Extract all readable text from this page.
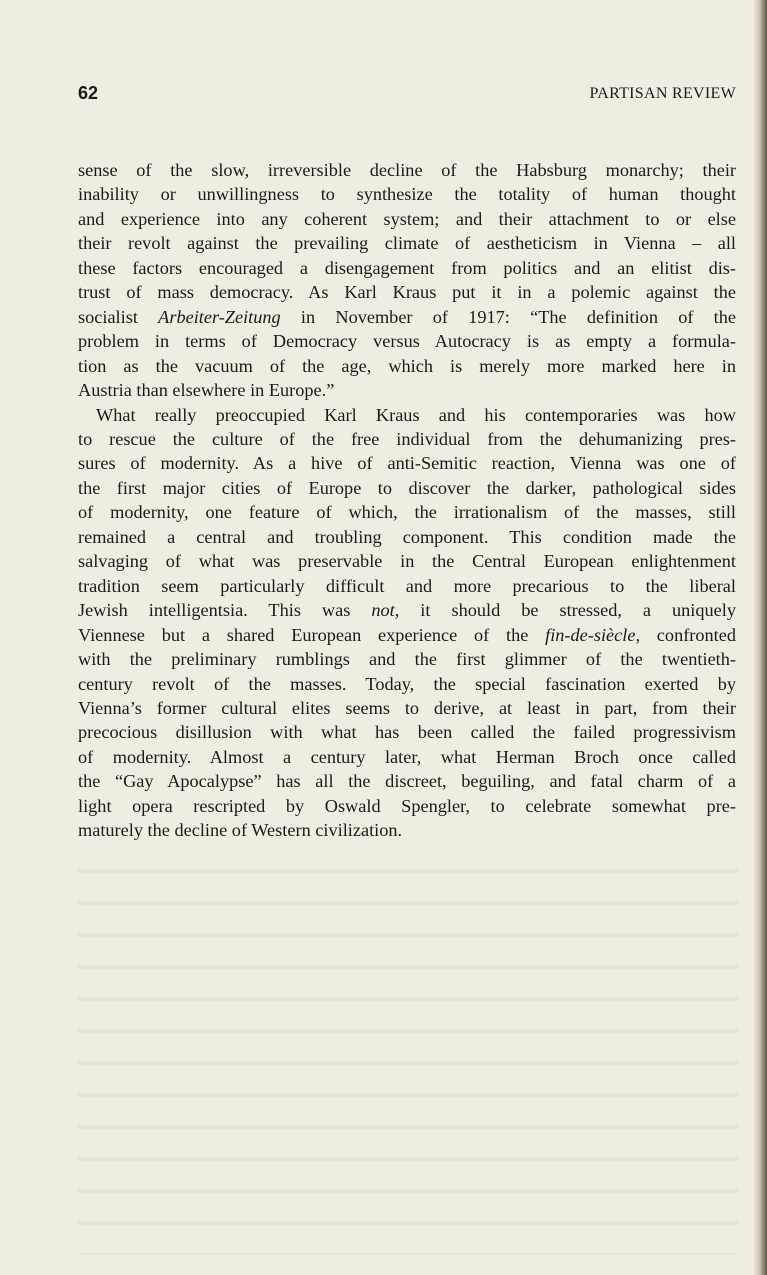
62	PARTISAN REVIEW
sense of the slow, irreversible decline of the Habsburg monarchy; their
inability or unwillingness to synthesize the totality of human thought
and experience into any coherent system; and their attachment to or else
their revolt against the prevailing climate of aestheticism in Vienna – all
these factors encouraged a disengagement from politics and an elitist dis-
trust of mass democracy. As Karl Kraus put it in a polemic against the
socialist Arbeiter-Zeitung in November of 1917: “The definition of the
problem in terms of Democracy versus Autocracy is as empty a formula-
tion as the vacuum of the age, which is merely more marked here in
Austria than elsewhere in Europe.”
What really preoccupied Karl Kraus and his contemporaries was how
to rescue the culture of the free individual from the dehumanizing pres-
sures of modernity. As a hive of anti-Semitic reaction, Vienna was one of
the first major cities of Europe to discover the darker, pathological sides
of modernity, one feature of which, the irrationalism of the masses, still
remained a central and troubling component. This condition made the
salvaging of what was preservable in the Central European enlightenment
tradition seem particularly difficult and more precarious to the liberal
Jewish intelligentsia. This was not, it should be stressed, a uniquely
Viennese but a shared European experience of the fin-de-siècle, confronted
with the preliminary rumblings and the first glimmer of the twentieth-
century revolt of the masses. Today, the special fascination exerted by
Vienna’s former cultural elites seems to derive, at least in part, from their
precocious disillusion with what has been called the failed progressivism
of modernity. Almost a century later, what Herman Broch once called
the “Gay Apocalypse” has all the discreet, beguiling, and fatal charm of a
light opera rescripted by Oswald Spengler, to celebrate somewhat pre-
maturely the decline of Western civilization.
